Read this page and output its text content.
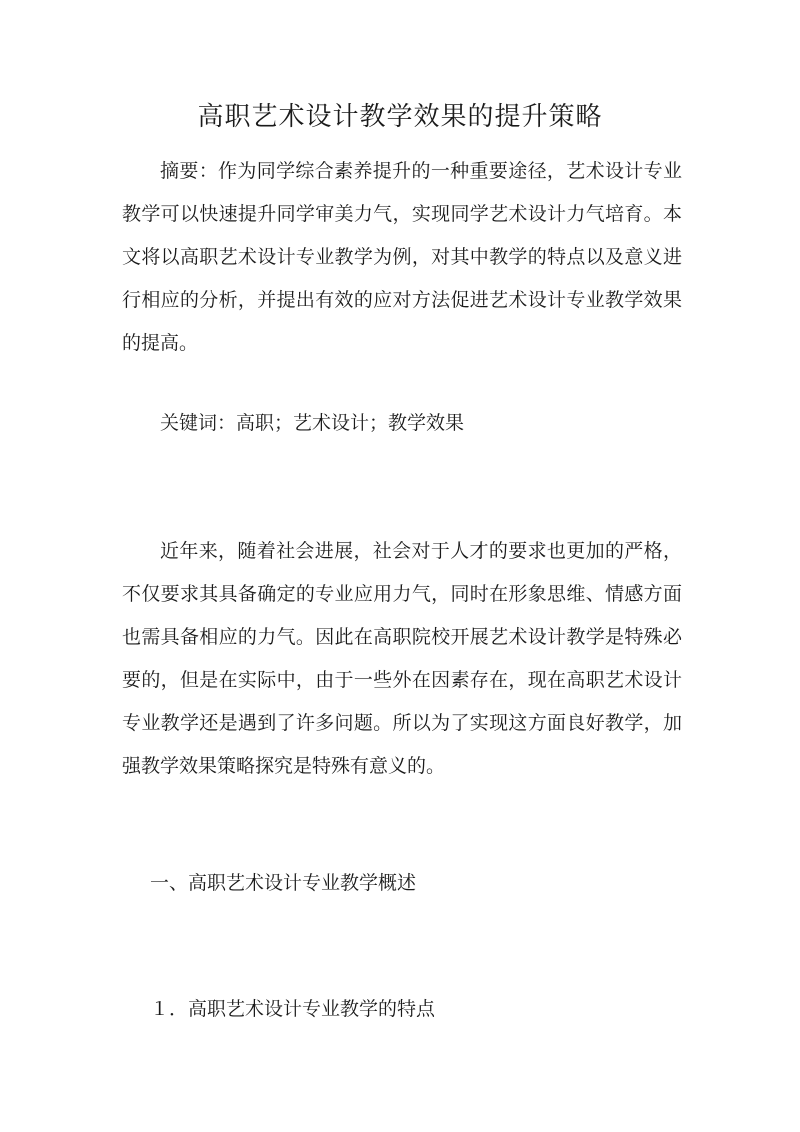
高职艺术设计教学效果的提升策略

摘要：作为同学综合素养提升的一种重要途径，艺术设计专业教学可以快速提升同学审美力气，实现同学艺术设计力气培育。本文将以高职艺术设计专业教学为例，对其中教学的特点以及意义进行相应的分析，并提出有效的应对方法促进艺术设计专业教学效果的提高。

关键词：高职；艺术设计；教学效果

近年来，随着社会进展，社会对于人才的要求也更加的严格，不仅要求其具备确定的专业应用力气，同时在形象思维、情感方面也需具备相应的力气。因此在高职院校开展艺术设计教学是特殊必要的，但是在实际中，由于一些外在因素存在，现在高职艺术设计专业教学还是遇到了许多问题。所以为了实现这方面良好教学，加强教学效果策略探究是特殊有意义的。

一、高职艺术设计专业教学概述

１．高职艺术设计专业教学的特点
